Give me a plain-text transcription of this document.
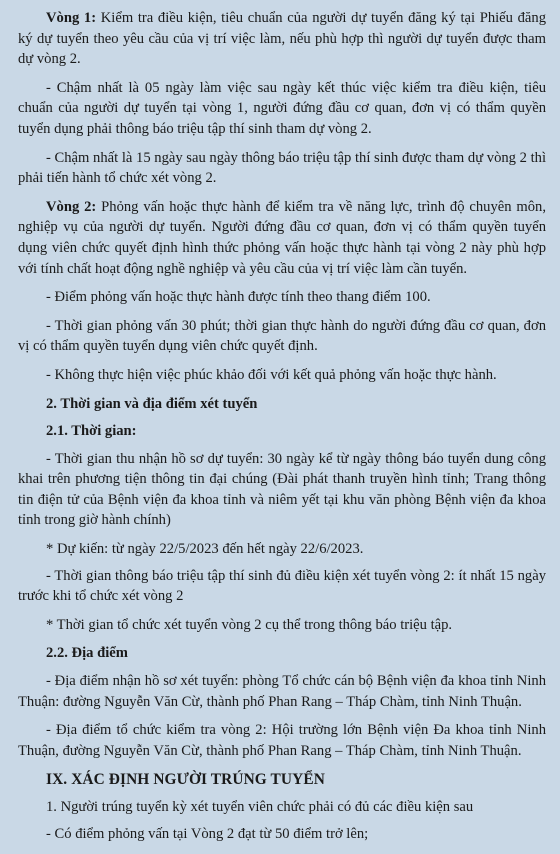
Vòng 1: Kiểm tra điều kiện, tiêu chuẩn của người dự tuyển đăng ký tại Phiếu đăng ký dự tuyển theo yêu cầu của vị trí việc làm, nếu phù hợp thì người dự tuyển được tham dự vòng 2.

- Chậm nhất là 05 ngày làm việc sau ngày kết thúc việc kiểm tra điều kiện, tiêu chuẩn của người dự tuyển tại vòng 1, người đứng đầu cơ quan, đơn vị có thẩm quyền tuyển dụng phải thông báo triệu tập thí sinh tham dự vòng 2.

- Chậm nhất là 15 ngày sau ngày thông báo triệu tập thí sinh được tham dự vòng 2 thì phải tiến hành tổ chức xét vòng 2.

Vòng 2: Phỏng vấn hoặc thực hành để kiểm tra về năng lực, trình độ chuyên môn, nghiệp vụ của người dự tuyển. Người đứng đầu cơ quan, đơn vị có thẩm quyền tuyển dụng viên chức quyết định hình thức phỏng vấn hoặc thực hành tại vòng 2 này phù hợp với tính chất hoạt động nghề nghiệp và yêu cầu của vị trí việc làm cần tuyển.

- Điểm phỏng vấn hoặc thực hành được tính theo thang điểm 100.

- Thời gian phỏng vấn 30 phút; thời gian thực hành do người đứng đầu cơ quan, đơn vị có thẩm quyền tuyển dụng viên chức quyết định.

- Không thực hiện việc phúc khảo đối với kết quả phỏng vấn hoặc thực hành.

2. Thời gian và địa điểm xét tuyển
2.1. Thời gian:

- Thời gian thu nhận hồ sơ dự tuyển: 30 ngày kể từ ngày thông báo tuyển dung công khai trên phương tiện thông tin đại chúng (Đài phát thanh truyền hình tỉnh; Trang thông tin điện tử của Bệnh viện đa khoa tỉnh và niêm yết tại khu văn phòng Bệnh viện đa khoa tỉnh trong giờ hành chính)

* Dự kiến: từ ngày 22/5/2023 đến hết ngày 22/6/2023.

- Thời gian thông báo triệu tập thí sinh đủ điều kiện xét tuyển vòng 2: ít nhất 15 ngày trước khi tổ chức xét vòng 2

* Thời gian tổ chức xét tuyển vòng 2 cụ thể trong thông báo triệu tập.

2.2. Địa điểm

- Địa điểm nhận hồ sơ xét tuyển: phòng Tổ chức cán bộ Bệnh viện đa khoa tỉnh Ninh Thuận: đường Nguyễn Văn Cừ, thành phố Phan Rang – Tháp Chàm, tỉnh Ninh Thuận.

- Địa điểm tổ chức kiểm tra vòng 2: Hội trường lớn Bệnh viện Đa khoa tỉnh Ninh Thuận, đường Nguyễn Văn Cừ, thành phố Phan Rang – Tháp Chàm, tỉnh Ninh Thuận.

IX. XÁC ĐỊNH NGƯỜI TRÚNG TUYỂN

1. Người trúng tuyển kỳ xét tuyển viên chức phải có đủ các điều kiện sau

- Có điểm phỏng vấn tại Vòng 2 đạt từ 50 điểm trở lên;
